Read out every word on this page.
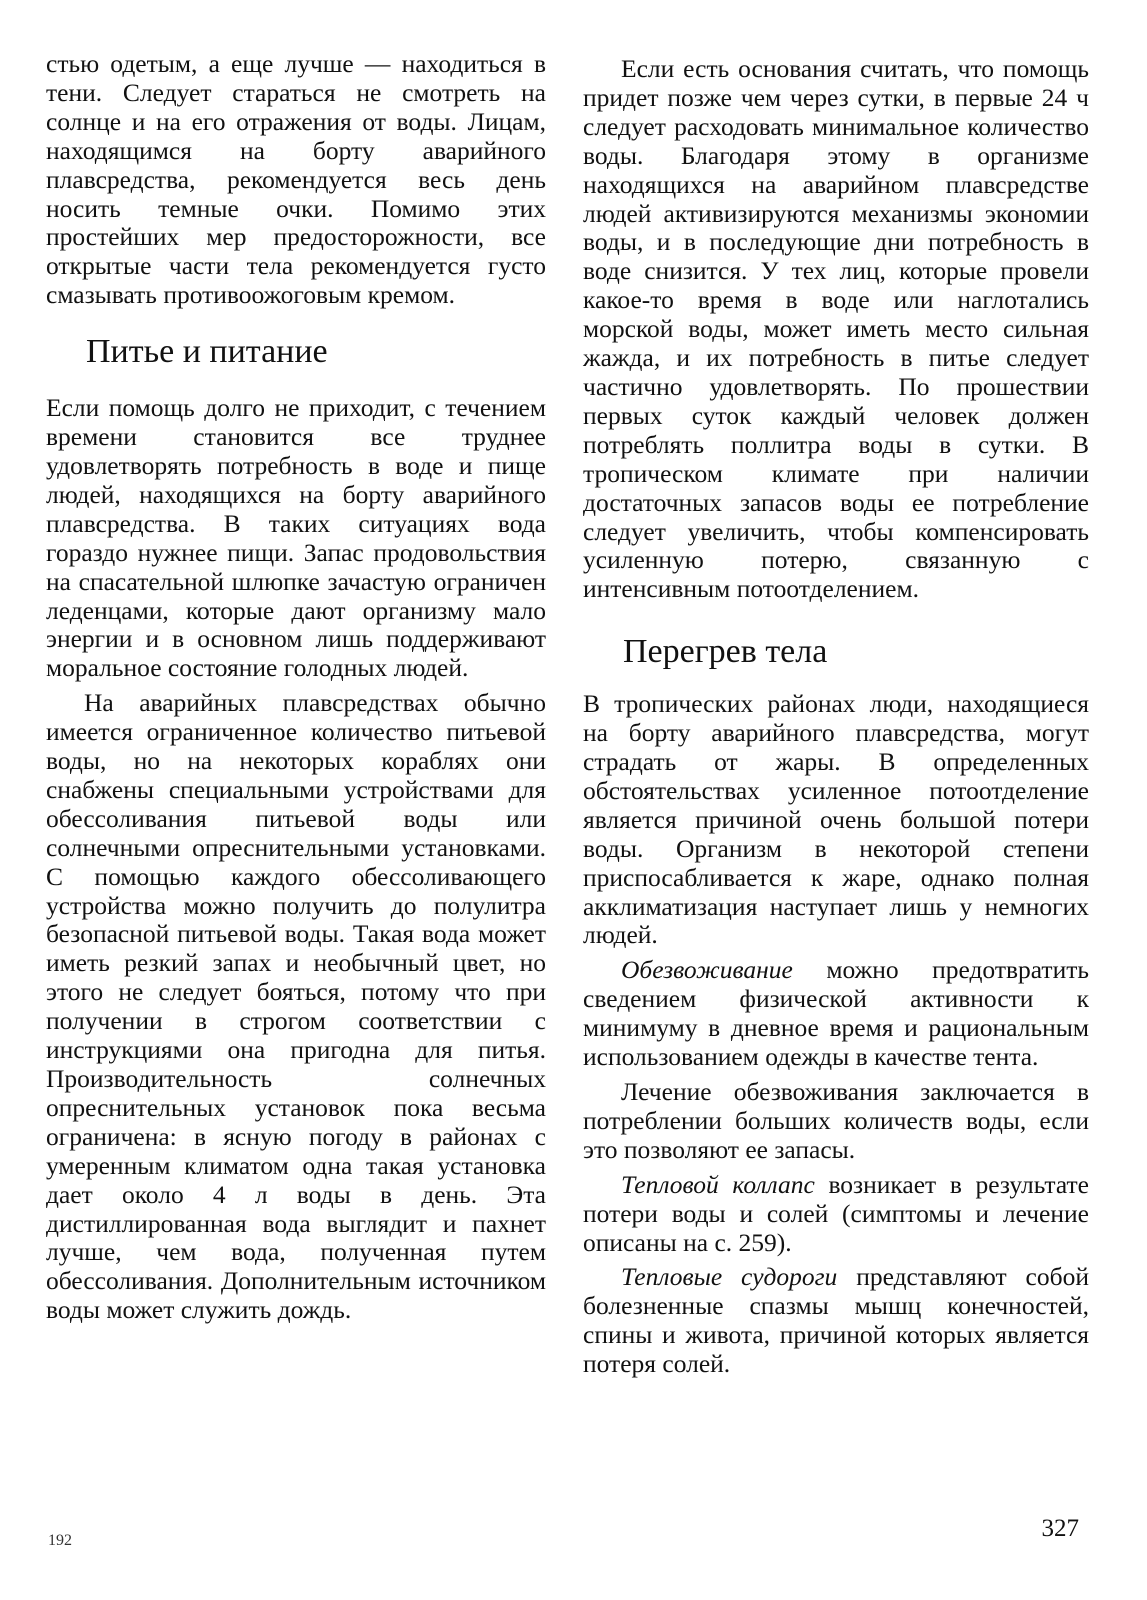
стью одетым, а еще лучше — находиться в тени. Следует стараться не смотреть на солнце и на его отражения от воды. Лицам, находящимся на борту аварийного плавсредства, рекомендуется весь день носить темные очки. Помимо этих простейших мер предосторожности, все открытые части тела рекомендуется густо смазывать противоожоговым кремом.

Питье и питание

Если помощь долго не приходит, с течением времени становится все труднее удовлетворять потребность в воде и пище людей, находящихся на борту аварийного плавсредства. В таких ситуациях вода гораздо нужнее пищи. Запас продовольствия на спасательной шлюпке зачастую ограничен леденцами, которые дают организму мало энергии и в основном лишь поддерживают моральное состояние голодных людей.

На аварийных плавсредствах обычно имеется ограниченное количество питьевой воды, но на некоторых кораблях они снабжены специальными устройствами для обессоливания питьевой воды или солнечными опреснительными установками. С помощью каждого обессоливающего устройства можно получить до полулитра безопасной питьевой воды. Такая вода может иметь резкий запах и необычный цвет, но этого не следует бояться, потому что при получении в строгом соответствии с инструкциями она пригодна для питья. Производительность солнечных опреснительных установок пока весьма ограничена: в ясную погоду в районах с умеренным климатом одна такая установка дает около 4 л воды в день. Эта дистиллированная вода выглядит и пахнет лучше, чем вода, полученная путем обессоливания. Дополнительным источником воды может служить дождь.

Если есть основания считать, что помощь придет позже чем через сутки, в первые 24 ч следует расходовать минимальное количество воды. Благодаря этому в организме находящихся на аварийном плавсредстве людей активизируются механизмы экономии воды, и в последующие дни потребность в воде снизится. У тех лиц, которые провели какое-то время в воде или наглотались морской воды, может иметь место сильная жажда, и их потребность в питье следует частично удовлетворять. По прошествии первых суток каждый человек должен потреблять поллитра воды в сутки. В тропическом климате при наличии достаточных запасов воды ее потребление следует увеличить, чтобы компенсировать усиленную потерю, связанную с интенсивным потоотделением.

Перегрев тела

В тропических районах люди, находящиеся на борту аварийного плавсредства, могут страдать от жары. В определенных обстоятельствах усиленное потоотделение является причиной очень большой потери воды. Организм в некоторой степени приспосабливается к жаре, однако полная акклиматизация наступает лишь у немногих людей.

Обезвоживание можно предотвратить сведением физической активности к минимуму в дневное время и рациональным использованием одежды в качестве тента.

Лечение обезвоживания заключается в потреблении больших количеств воды, если это позволяют ее запасы.

Тепловой коллапс возникает в результате потери воды и солей (симптомы и лечение описаны на с. 259).

Тепловые судороги представляют собой болезненные спазмы мышц конечностей, спины и живота, причиной которых является потеря солей.

327
192
